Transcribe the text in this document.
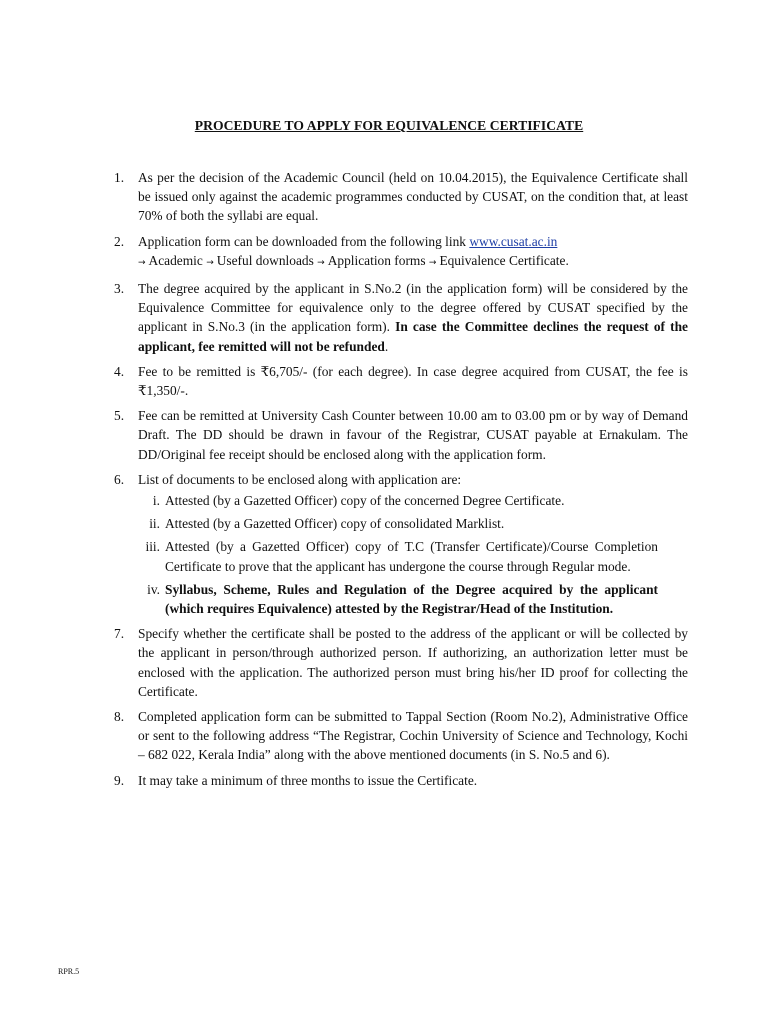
PROCEDURE TO APPLY FOR EQUIVALENCE CERTIFICATE
1.	As per the decision of the Academic Council (held on 10.04.2015), the Equivalence Certificate shall be issued only against the academic programmes conducted by CUSAT, on the condition that, at least 70% of both the syllabi are equal.
2.	Application form can be downloaded from the following link www.cusat.ac.in
→ Academic → Useful downloads → Application forms → Equivalence Certificate.
3.	The degree acquired by the applicant in S.No.2 (in the application form) will be considered by the Equivalence Committee for equivalence only to the degree offered by CUSAT specified by the applicant in S.No.3 (in the application form). In case the Committee declines the request of the applicant, fee remitted will not be refunded.
4.	Fee to be remitted is ₹6,705/- (for each degree). In case degree acquired from CUSAT, the fee is ₹1,350/-.
5.	Fee can be remitted at University Cash Counter between 10.00 am to 03.00 pm or by way of Demand Draft. The DD should be drawn in favour of the Registrar, CUSAT payable at Ernakulam. The DD/Original fee receipt should be enclosed along with the application form.
6.	List of documents to be enclosed along with application are:
i. Attested (by a Gazetted Officer) copy of the concerned Degree Certificate.
ii. Attested (by a Gazetted Officer) copy of consolidated Marklist.
iii. Attested (by a Gazetted Officer) copy of T.C (Transfer Certificate)/Course Completion Certificate to prove that the applicant has undergone the course through Regular mode.
iv. Syllabus, Scheme, Rules and Regulation of the Degree acquired by the applicant (which requires Equivalence) attested by the Registrar/Head of the Institution.
7.	Specify whether the certificate shall be posted to the address of the applicant or will be collected by the applicant in person/through authorized person. If authorizing, an authorization letter must be enclosed with the application. The authorized person must bring his/her ID proof for collecting the Certificate.
8.	Completed application form can be submitted to Tappal Section (Room No.2), Administrative Office or sent to the following address “The Registrar, Cochin University of Science and Technology, Kochi – 682 022, Kerala India” along with the above mentioned documents (in S. No.5 and 6).
9.	It may take a minimum of three months to issue the Certificate.
RPR.5
